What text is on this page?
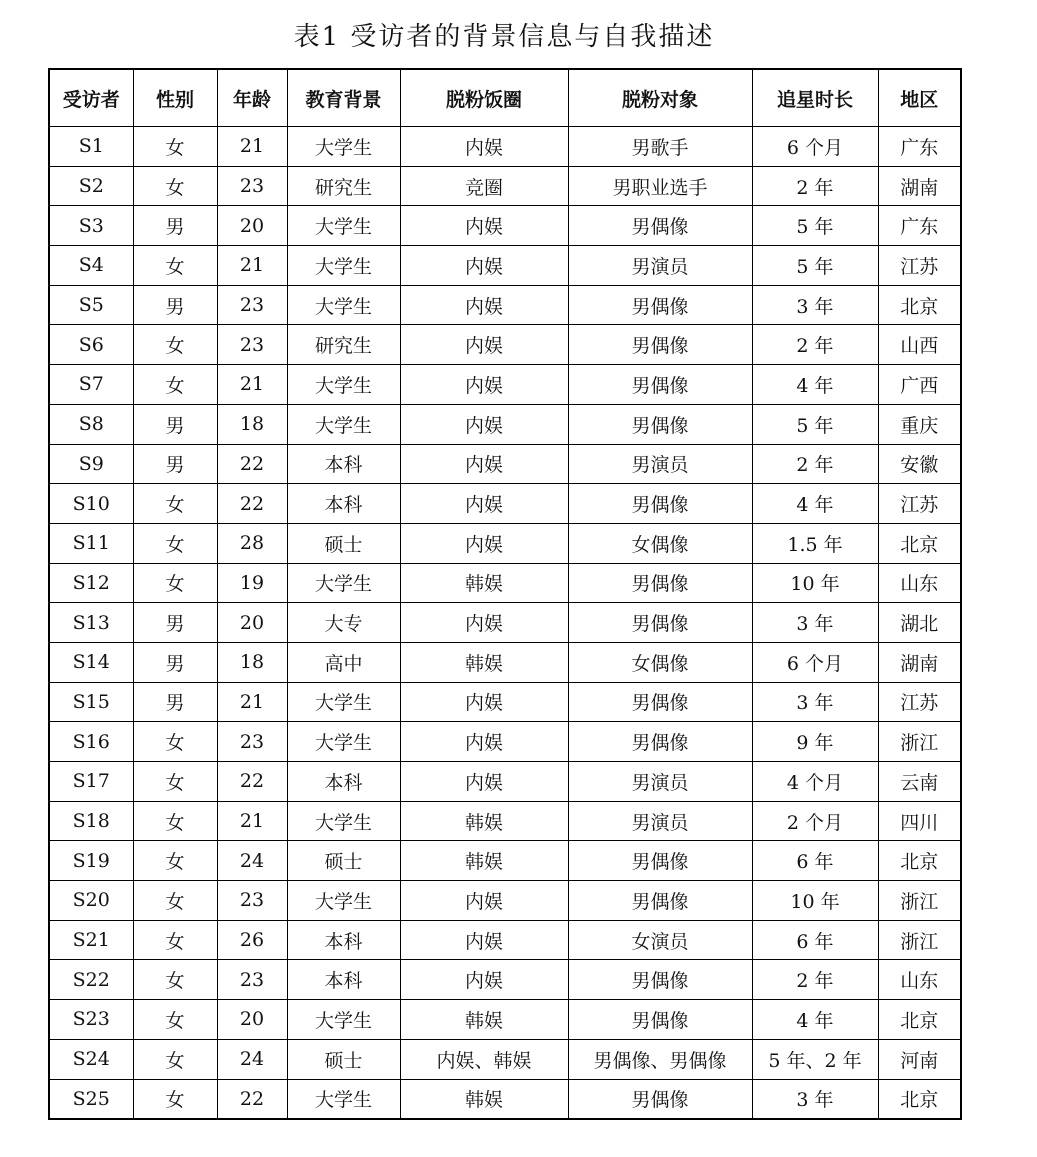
表1 受访者的背景信息与自我描述
受访者	性别	年龄	教育背景	脱粉饭圈	脱粉对象	追星时长	地区
S1	女	21	大学生	内娱	男歌手	6 个月	广东
S2	女	23	研究生	竞圈	男职业选手	2 年	湖南
S3	男	20	大学生	内娱	男偶像	5 年	广东
S4	女	21	大学生	内娱	男演员	5 年	江苏
S5	男	23	大学生	内娱	男偶像	3 年	北京
S6	女	23	研究生	内娱	男偶像	2 年	山西
S7	女	21	大学生	内娱	男偶像	4 年	广西
S8	男	18	大学生	内娱	男偶像	5 年	重庆
S9	男	22	本科	内娱	男演员	2 年	安徽
S10	女	22	本科	内娱	男偶像	4 年	江苏
S11	女	28	硕士	内娱	女偶像	1.5 年	北京
S12	女	19	大学生	韩娱	男偶像	10 年	山东
S13	男	20	大专	内娱	男偶像	3 年	湖北
S14	男	18	高中	韩娱	女偶像	6 个月	湖南
S15	男	21	大学生	内娱	男偶像	3 年	江苏
S16	女	23	大学生	内娱	男偶像	9 年	浙江
S17	女	22	本科	内娱	男演员	4 个月	云南
S18	女	21	大学生	韩娱	男演员	2 个月	四川
S19	女	24	硕士	韩娱	男偶像	6 年	北京
S20	女	23	大学生	内娱	男偶像	10 年	浙江
S21	女	26	本科	内娱	女演员	6 年	浙江
S22	女	23	本科	内娱	男偶像	2 年	山东
S23	女	20	大学生	韩娱	男偶像	4 年	北京
S24	女	24	硕士	内娱、韩娱	男偶像、男偶像	5 年、2 年	河南
S25	女	22	大学生	韩娱	男偶像	3 年	北京
